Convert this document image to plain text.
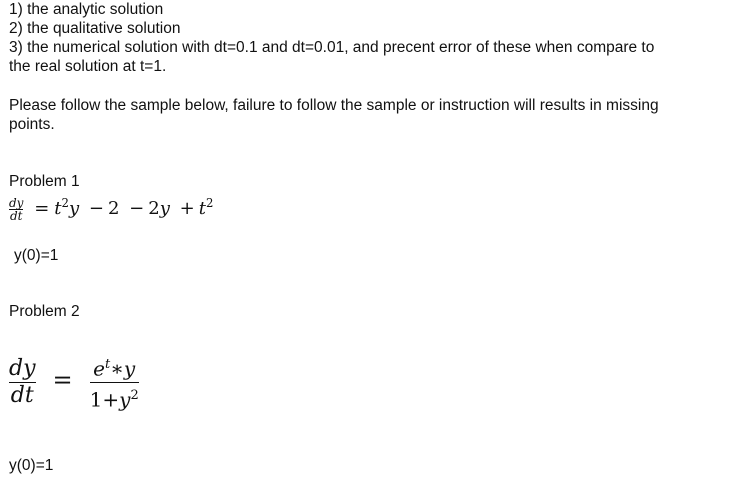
1) the analytic solution
2) the qualitative solution
3) the numerical solution with dt=0.1 and dt=0.01, and precent error of these when compare to
the real solution at t=1.
Please follow the sample below, failure to follow the sample or instruction will results in missing
points.
Problem 1
$\frac{dy}{dt} = t^2y - 2 - 2y + t^2$
y(0)=1
Problem 2
$\frac{dy}{dt} = \frac{e^t∗y}{1+y^2}$
y(0)=1
